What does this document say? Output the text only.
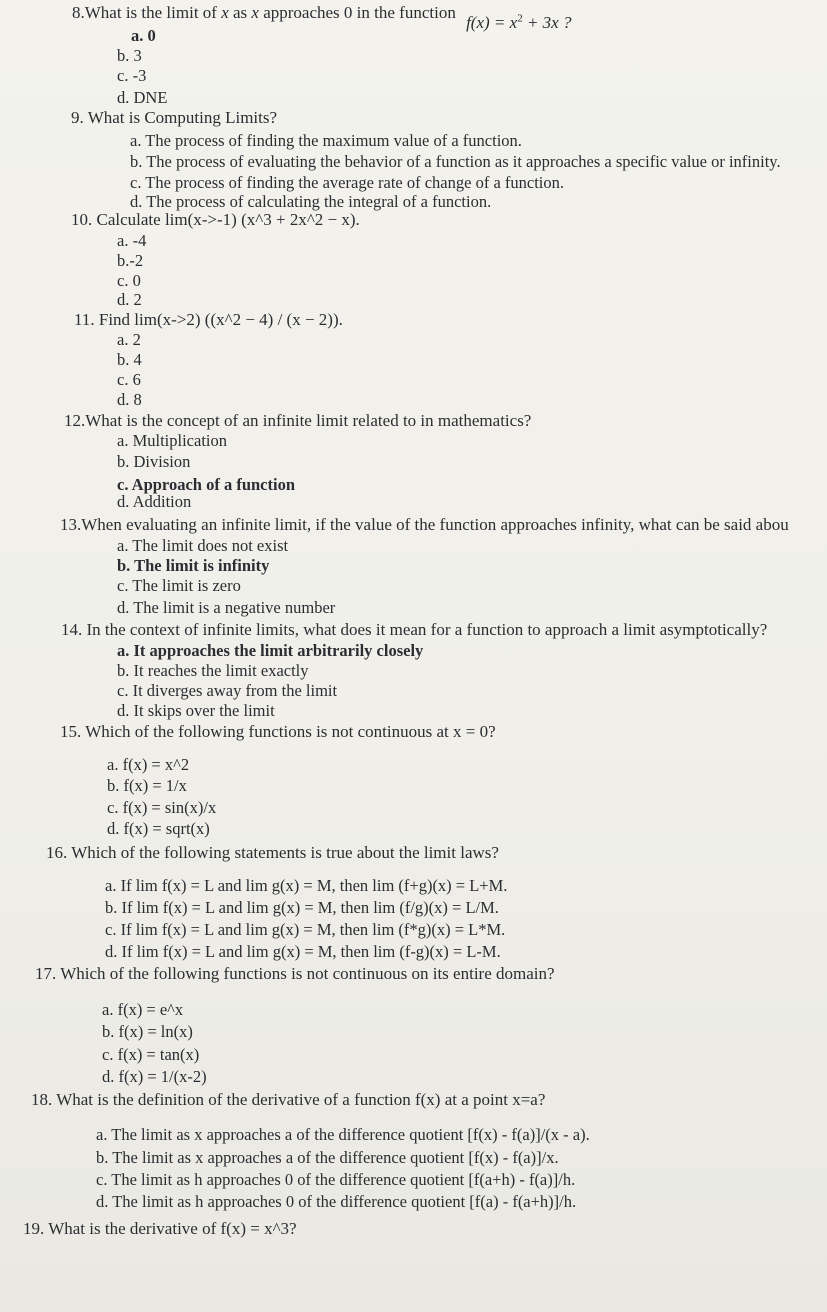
8.What is the limit of x as x approaches 0 in the function $f(x) = x^2 + 3x$ ?
a. 0
b. 3
c. -3
d. DNE
9. What is Computing Limits?
a. The process of finding the maximum value of a function.
b. The process of evaluating the behavior of a function as it approaches a specific value or infinity.
c. The process of finding the average rate of change of a function.
d. The process of calculating the integral of a function.
10. Calculate lim(x->-1) (x^3 + 2x^2 − x).
a. -4
b.-2
c. 0
d. 2
11. Find lim(x->2) ((x^2 − 4) / (x − 2)).
a. 2
b. 4
c. 6
d. 8
12.What is the concept of an infinite limit related to in mathematics?
a. Multiplication
b. Division
c. Approach of a function
d. Addition
13.When evaluating an infinite limit, if the value of the function approaches infinity, what can be said abou
a. The limit does not exist
b. The limit is infinity
c. The limit is zero
d. The limit is a negative number
14. In the context of infinite limits, what does it mean for a function to approach a limit asymptotically?
a. It approaches the limit arbitrarily closely
b. It reaches the limit exactly
c. It diverges away from the limit
d. It skips over the limit
15. Which of the following functions is not continuous at x = 0?
a. f(x) = x^2
b. f(x) = 1/x
c. f(x) = sin(x)/x
d. f(x) = sqrt(x)
16. Which of the following statements is true about the limit laws?
a. If lim f(x) = L and lim g(x) = M, then lim (f+g)(x) = L+M.
b. If lim f(x) = L and lim g(x) = M, then lim (f/g)(x) = L/M.
c. If lim f(x) = L and lim g(x) = M, then lim (f*g)(x) = L*M.
d. If lim f(x) = L and lim g(x) = M, then lim (f-g)(x) = L-M.
17. Which of the following functions is not continuous on its entire domain?
a. f(x) = e^x
b. f(x) = ln(x)
c. f(x) = tan(x)
d. f(x) = 1/(x-2)
18. What is the definition of the derivative of a function f(x) at a point x=a?
a. The limit as x approaches a of the difference quotient [f(x) - f(a)]/(x - a).
b. The limit as x approaches a of the difference quotient [f(x) - f(a)]/x.
c. The limit as h approaches 0 of the difference quotient [f(a+h) - f(a)]/h.
d. The limit as h approaches 0 of the difference quotient [f(a) - f(a+h)]/h.
19. What is the derivative of f(x) = x^3?
